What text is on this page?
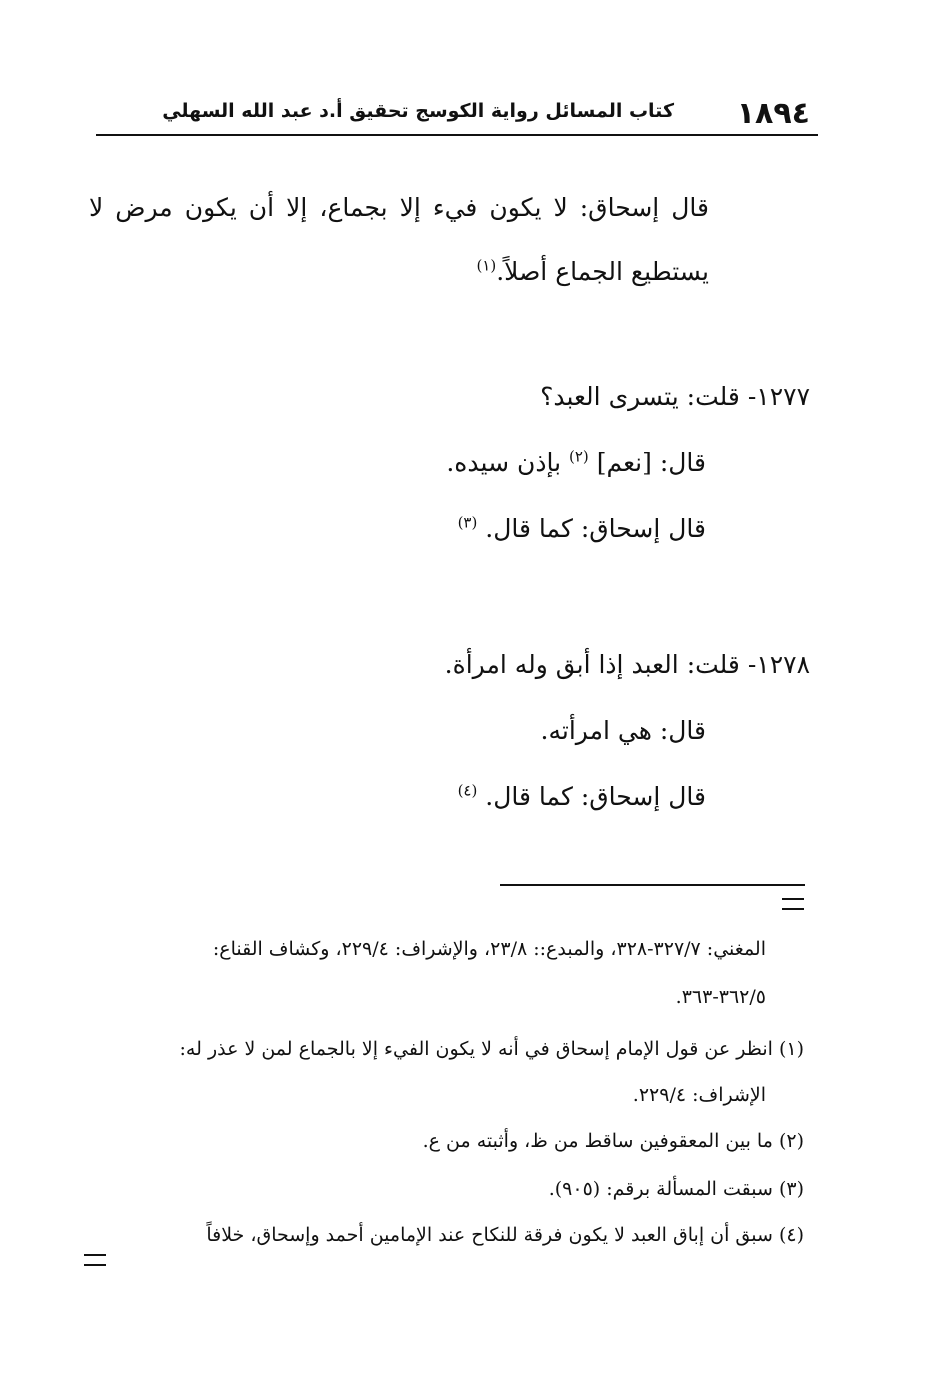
١٨٩٤
كتاب المسائل رواية الكوسج تحقيق أ.د عبد الله السهلي
قال إسحاق: لا يكون فيء إلا بجماع، إلا أن يكون مرض لا يستطيع الجماع أصلاً.$^{(١)}$
١٢٧٧- قلت: يتسرى العبد؟
قال: [نعم] $^{(٢)}$ بإذن سيده.
قال إسحاق: كما قال. $^{(٣)}$
١٢٧٨- قلت: العبد إذا أبق وله امرأة.
قال: هي امرأته.
قال إسحاق: كما قال. $^{(٤)}$
المغني: ٣٢٧/٧-٣٢٨، والمبدع:: ٢٣/٨، والإشراف: ٢٢٩/٤، وكشاف القناع:
٣٦٢/٥-٣٦٣.
(١) انظر عن قول الإمام إسحاق في أنه لا يكون الفيء إلا بالجماع لمن لا عذر له:
الإشراف: ٢٢٩/٤.
(٢) ما بين المعقوفين ساقط من ظ، وأثبته من ع.
(٣) سبقت المسألة برقم: (٩٠٥).
(٤) سبق أن إباق العبد لا يكون فرقة للنكاح عند الإمامين أحمد وإسحاق، خلافاً
